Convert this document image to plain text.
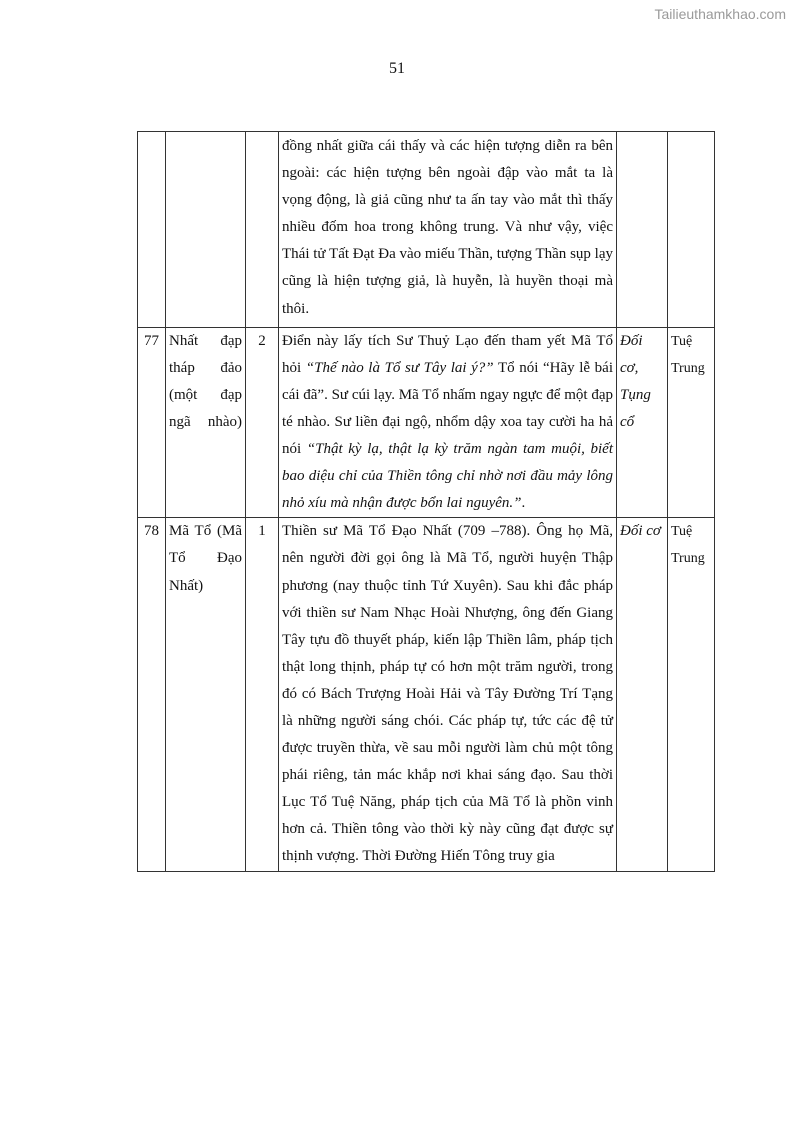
Tailieuthamkhao.com
51
			đồng nhất giữa cái thấy và các hiện tượng diễn ra bên ngoài: các hiện tượng bên ngoài đập vào mắt ta là vọng động, là giả cũng như ta ấn tay vào mắt thì thấy nhiều đốm hoa trong không trung. Và như vậy, việc Thái tử Tất Đạt Đa vào miếu Thần, tượng Thần sụp lạy cũng là hiện tượng giả, là huyễn, là huyền thoại mà thôi.		
77	Nhất đạp tháp đảo (một đạp ngã nhào)	2	Điển này lấy tích Sư Thuỷ Lạo đến tham yết Mã Tổ hỏi “Thế nào là Tổ sư Tây lai ý?” Tổ nói “Hãy lễ bái cái đã”. Sư cúi lạy. Mã Tổ nhấm ngay ngực để một đạp té nhào. Sư liền đại ngộ, nhổm dậy xoa tay cười ha hả nói “Thật kỳ lạ, thật lạ kỳ trăm ngàn tam muội, biết bao diệu chỉ của Thiền tông chỉ nhờ nơi đầu mảy lông nhỏ xíu mà nhận được bổn lai nguyên.”.	Đối cơ, Tụng cổ	Tuệ Trung
78	Mã Tổ (Mã Tổ Đạo Nhất)	1	Thiền sư Mã Tổ Đạo Nhất (709 –788). Ông họ Mã, nên người đời gọi ông là Mã Tổ, người huyện Thập phương (nay thuộc tỉnh Tứ Xuyên). Sau khi đắc pháp với thiền sư Nam Nhạc Hoài Nhượng, ông đến Giang Tây tựu đồ thuyết pháp, kiến lập Thiền lâm, pháp tịch thật long thịnh, pháp tự có hơn một trăm người, trong đó có Bách Trượng Hoài Hải và Tây Đường Trí Tạng là những người sáng chói. Các pháp tự, tức các đệ tử được truyền thừa, về sau mỗi người làm chủ một tông phái riêng, tản mác khắp nơi khai sáng đạo. Sau thời Lục Tổ Tuệ Năng, pháp tịch của Mã Tổ là phồn vinh hơn cả. Thiền tông vào thời kỳ này cũng đạt được sự thịnh vượng. Thời Đường Hiến Tông truy gia	Đối cơ	Tuệ Trung
